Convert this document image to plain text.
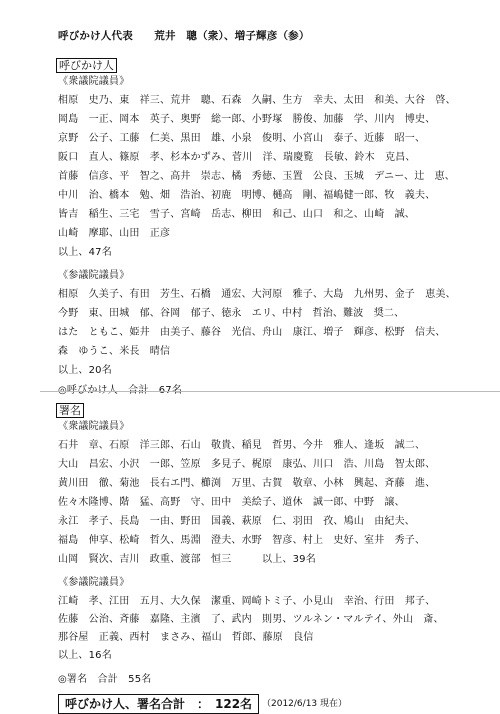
呼びかけ人代表　　荒井　聰（衆）、増子輝彦（参）
呼びかけ人
《衆議院議員》
相原　史乃、東　祥三、荒井　聰、石森　久嗣、生方　幸夫、太田　和美、大谷　啓、
岡島　一正、岡本　英子、奥野　総一郎、小野塚　勝俊、加藤　学、川内　博史、
京野　公子、工藤　仁美、黒田　雄、小泉　俊明、小宮山　泰子、近藤　昭一、
阪口　直人、篠原　孝、杉本かずみ、菅川　洋、瑞慶覧　長敏、鈴木　克昌、
首藤　信彦、平　智之、高井　崇志、橘　秀徳、玉置　公良、玉城　デニー、辻　恵、
中川　治、橋本　勉、畑　浩治、初鹿　明博、樋高　剛、福嶋健一郎、牧　義夫、
皆吉　稲生、三宅　雪子、宮崎　岳志、柳田　和己、山口　和之、山崎　誠、
山崎　摩耶、山田　正彦
以上、47名
《参議院議員》
相原　久美子、有田　芳生、石橋　通宏、大河原　雅子、大島　九州男、金子　恵美、
今野　東、田城　郁、谷岡　郁子、徳永　エリ、中村　哲治、難波　奨二、
はた　ともこ、姫井　由美子、藤谷　光信、舟山　康江、増子　輝彦、松野　信夫、
森　ゆうこ、米長　晴信
以上、20名
署名
《衆議院議員》
石井　章、石原　洋三郎、石山　敬貴、稲見　哲男、今井　雅人、逢坂　誠二、
大山　昌宏、小沢　一郎、笠原　多見子、梶原　康弘、川口　浩、川島　智太郎、
黄川田　徹、菊池　長右エ門、櫛渕　万里、古賀　敬章、小林　興起、斉藤　進、
佐々木隆博、階　猛、高野　守、田中　美絵子、道休　誠一郎、中野　譲、
永江　孝子、長島　一由、野田　国義、萩原　仁、羽田　孜、鳩山　由紀夫、
福島　伸享、松崎　哲久、馬淵　澄夫、水野　智彦、村上　史好、室井　秀子、
山岡　賢次、吉川　政重、渡部　恒三　　　以上、39名
《参議院議員》
江崎　孝、江田　五月、大久保　潔重、岡崎トミ子、小見山　幸治、行田　邦子、
佐藤　公治、斉藤　嘉隆、主濱　了、武内　則男、ツルネン・マルテイ、外山　斎、
那谷屋　正義、西村　まさみ、福山　哲郎、藤原　良信
以上、16名
◎署名　合計　55名
呼びかけ人、署名合計　：　122名	（2012/6/13 現在）
